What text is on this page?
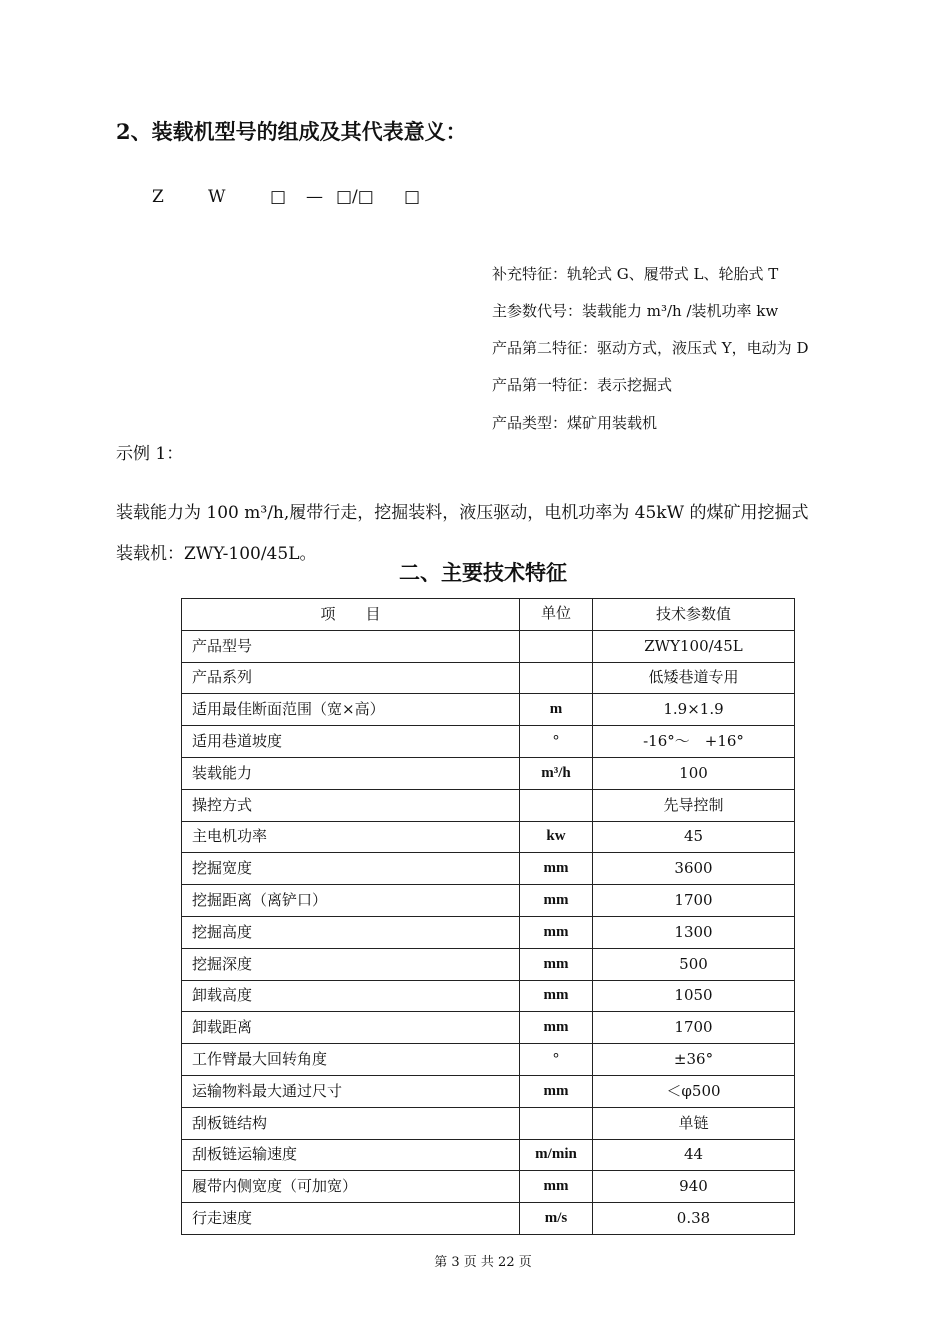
2、装载机型号的组成及其代表意义：
Z	W	□ — □/□ □

补充特征：轨轮式 G、履带式 L、轮胎式 T

主参数代号：装载能力 m³/h /装机功率 kw

产品第二特征：驱动方式，液压式 Y，电动为 D

产品第一特征：表示挖掘式

产品类型：煤矿用装载机

示例 1：

装载能力为 100 m³/h,履带行走，挖掘装料，液压驱动，电机功率为 45kW 的煤矿用挖掘式

装载机：ZWY-100/45L。

二、主要技术特征
项　　目	单位	技术参数值
产品型号		ZWY100/45L
产品系列		低矮巷道专用
适用最佳断面范围（宽×高）	m	1.9×1.9
适用巷道坡度	°	-16°～　+16°
装载能力	m³/h	100
操控方式		先导控制
主电机功率	kw	45
挖掘宽度	mm	3600
挖掘距离（离铲口）	mm	1700
挖掘高度	mm	1300
挖掘深度	mm	500
卸载高度	mm	1050
卸载距离	mm	1700
工作臂最大回转角度	°	±36°
运输物料最大通过尺寸	mm	＜φ500
刮板链结构		单链
刮板链运输速度	m/min	44
履带内侧宽度（可加宽）	mm	940
行走速度	m/s	0.38

第 3 页 共 22 页
